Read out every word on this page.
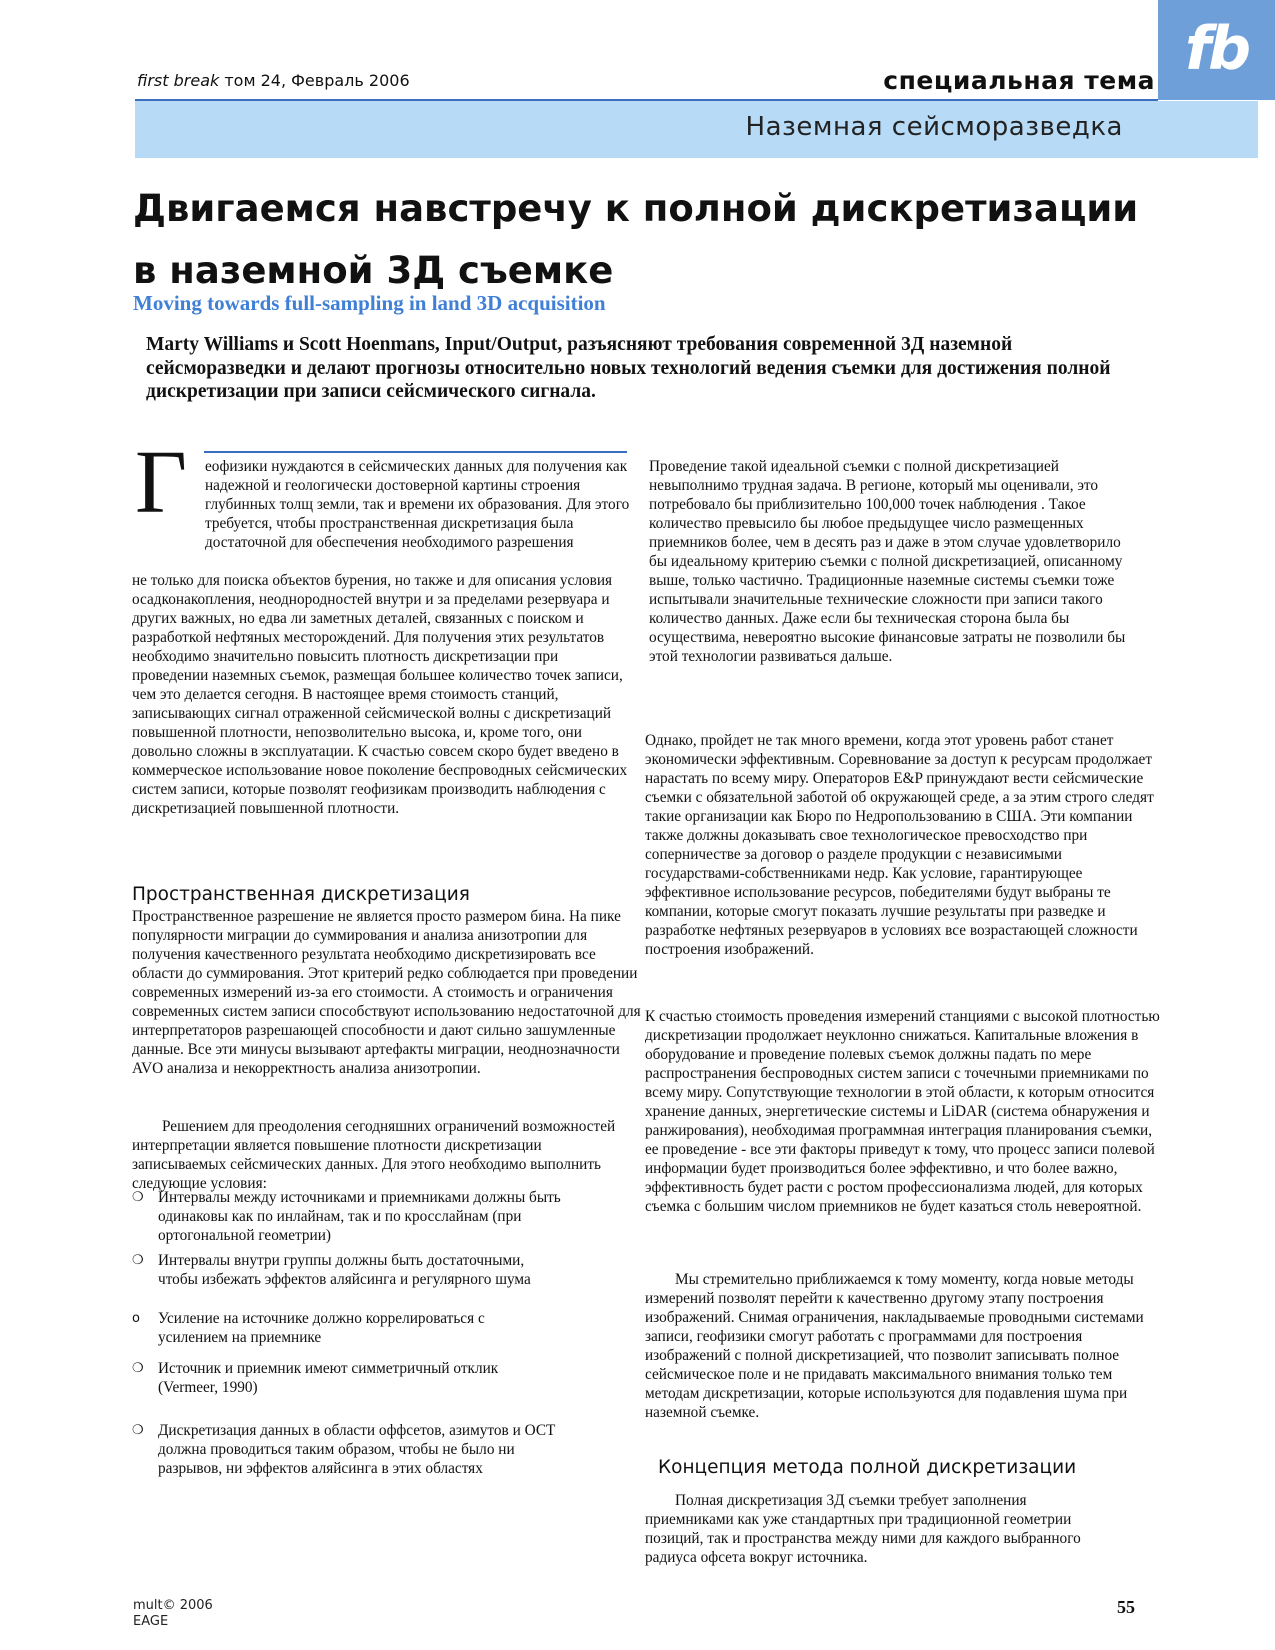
fb
first break том 24, Февраль 2006	специальная тема
Наземная сейсморазведка
Двигаемся навстречу к полной дискретизации в наземной 3Д съемке
Moving towards full-sampling in land 3D acquisition
Marty Williams и Scott Hoenmans, Input/Output, разъясняют требования современной 3Д наземной сейсморазведки и делают прогнозы относительно новых технологий ведения съемки для достижения полной дискретизации при записи сейсмического сигнала.
Г еофизики нуждаются в сейсмических данных для получения как надежной и геологически достоверной картины строения глубинных толщ земли, так и времени их образования. Для этого требуется, чтобы пространственная дискретизация была достаточной для обеспечения необходимого разрешения
не только для поиска объектов бурения, но также и для описания условия осадконакопления, неоднородностей внутри и за пределами резервуара и других важных, но едва ли заметных деталей, связанных с поиском и разработкой нефтяных месторождений. Для получения этих результатов необходимо значительно повысить плотность дискретизации при проведении наземных съемок, размещая большее количество точек записи, чем это делается сегодня. В настоящее время стоимость станций, записывающих сигнал отраженной сейсмической волны с дискретизаций повышенной плотности, непозволительно высока, и, кроме того, они довольно сложны в эксплуатации. К счастью совсем скоро будет введено в коммерческое использование новое поколение беспроводных сейсмических систем записи, которые позволят геофизикам производить наблюдения с дискретизацией повышенной плотности.
Пространственная дискретизация
Пространственное разрешение не является просто размером бина. На пике популярности миграции до суммирования и анализа анизотропии для получения качественного результата необходимо дискретизировать все области до суммирования. Этот критерий редко соблюдается при проведении современных измерений из-за его стоимости. А стоимость и ограничения современных систем записи способствуют использованию недостаточной для интерпретаторов разрешающей способности и дают сильно зашумленные данные. Все эти минусы вызывают артефакты миграции, неоднозначности AVO анализа и некорректность анализа анизотропии.
Решением для преодоления сегодняшних ограничений возможностей интерпретации является повышение плотности дискретизации записываемых сейсмических данных. Для этого необходимо выполнить следующие условия:
❍ Интервалы между источниками и приемниками должны быть одинаковы как по инлайнам, так и по кросслайнам (при ортогональной геометрии)
❍ Интервалы внутри группы должны быть достаточными, чтобы избежать эффектов аляйсинга и регулярного шума
o	Усиление на источнике должно коррелироваться с усилением на приемнике
❍ Источник и приемник имеют симметричный отклик (Vermeer, 1990)
❍ Дискретизация данных в области оффсетов, азимутов и ОСТ должна проводиться таким образом, чтобы не было ни разрывов, ни эффектов аляйсинга в этих областях
Проведение такой идеальной съемки с полной дискретизацией невыполнимо трудная задача. В регионе, который мы оценивали, это потребовало бы приблизительно 100,000 точек наблюдения . Такое количество превысило бы любое предыдущее число размещенных приемников более, чем в десять раз и даже в этом случае удовлетворило бы идеальному критерию съемки с полной дискретизацией, описанному выше, только частично. Традиционные наземные системы съемки тоже испытывали значительные технические сложности при записи такого количество данных. Даже если бы техническая сторона была бы осуществима, невероятно высокие финансовые затраты не позволили бы этой технологии развиваться дальше.
Однако, пройдет не так много времени, когда этот уровень работ станет экономически эффективным. Соревнование за доступ к ресурсам продолжает нарастать по всему миру. Операторов E&P принуждают вести сейсмические съемки с обязательной заботой об окружающей среде, а за этим строго следят такие организации как Бюро по Недропользованию в США. Эти компании также должны доказывать свое технологическое превосходство при соперничестве за договор о разделе продукции с независимыми государствами-собственниками недр. Как условие, гарантирующее эффективное использование ресурсов, победителями будут выбраны те компании, которые смогут показать лучшие результаты при разведке и разработке нефтяных резервуаров в условиях все возрастающей сложности построения изображений.
К счастью стоимость проведения измерений станциями с высокой плотностью дискретизации продолжает неуклонно снижаться. Капитальные вложения в оборудование и проведение полевых съемок должны падать по мере распространения беспроводных систем записи с точечными приемниками по всему миру. Сопутствующие технологии в этой области, к которым относится хранение данных, энергетические системы и LiDAR (система обнаружения и ранжирования), необходимая программная интеграция планирования съемки, ее проведение - все эти факторы приведут к тому, что процесс записи полевой информации будет производиться более эффективно, и что более важно, эффективность будет расти с ростом профессионализма людей, для которых съемка с большим числом приемников не будет казаться столь невероятной.
Мы стремительно приближаемся к тому моменту, когда новые методы измерений позволят перейти к качественно другому этапу построения изображений. Снимая ограничения, накладываемые проводными системами записи, геофизики смогут работать с программами для построения изображений с полной дискретизацией, что позволит записывать полное сейсмическое поле и не придавать максимального внимания только тем методам дискретизации, которые используются для подавления шума при наземной съемке.
Концепция метода полной дискретизации
Полная дискретизация 3Д съемки требует заполнения приемниками как уже стандартных при традиционной геометрии позиций, так и пространства между ними для каждого выбранного радиуса офсета вокруг источника.
mult© 2006
EAGE
55
